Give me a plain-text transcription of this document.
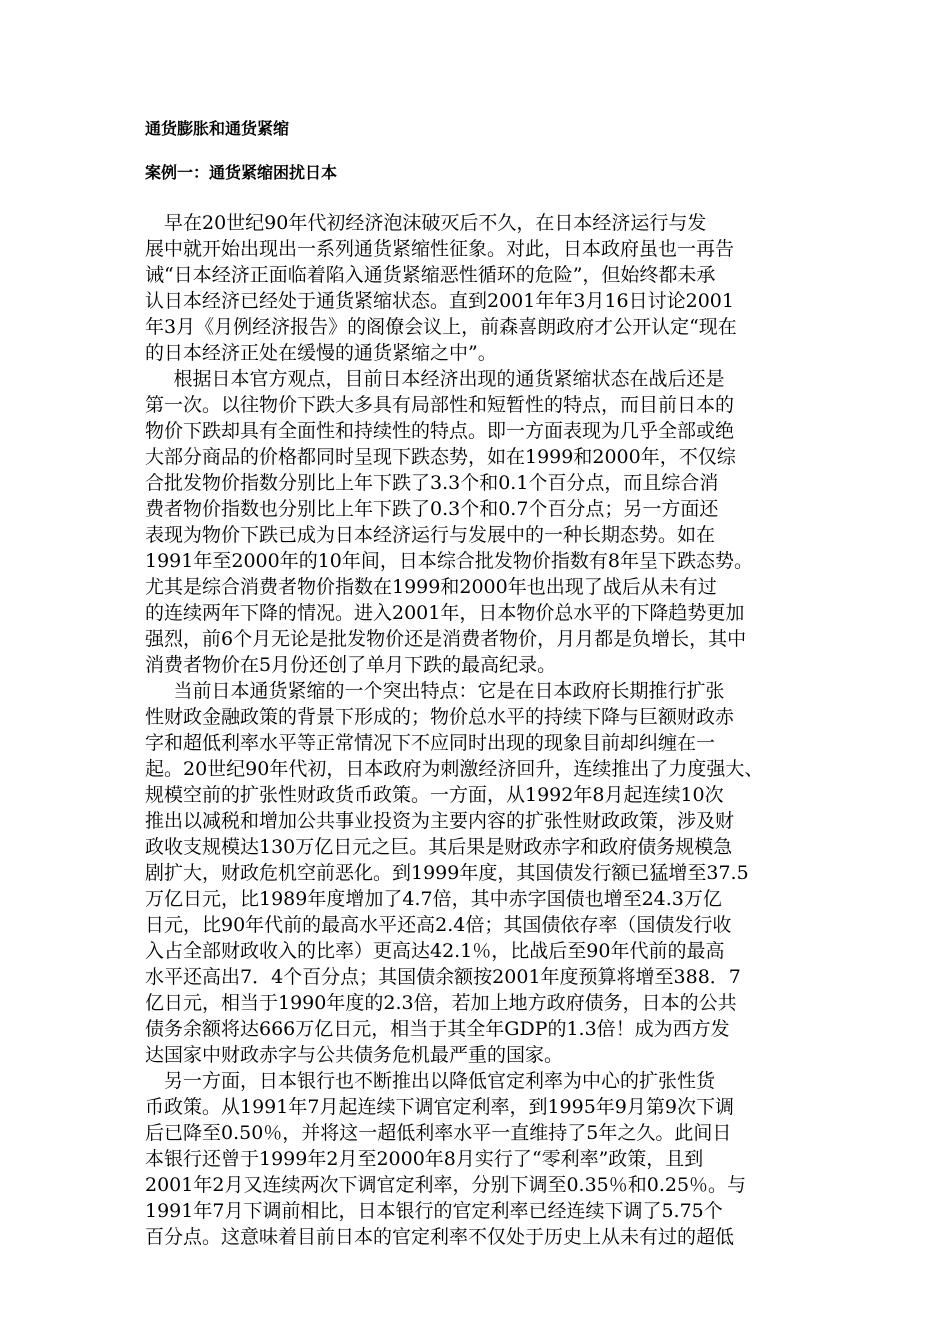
通货膨胀和通货紧缩
案例一：通货紧缩困扰日本
　早在20世纪90年代初经济泡沫破灭后不久，在日本经济运行与发
展中就开始出现出一系列通货紧缩性征象。对此，日本政府虽也一再告
诫“日本经济正面临着陷入通货紧缩恶性循环的危险”，但始终都未承
认日本经济已经处于通货紧缩状态。直到2001年年3月16日讨论2001
年3月《月例经济报告》的阁僚会议上，前森喜朗政府才公开认定“现在
的日本经济正处在缓慢的通货紧缩之中”。
　 根据日本官方观点，目前日本经济出现的通货紧缩状态在战后还是
第一次。以往物价下跌大多具有局部性和短暂性的特点，而目前日本的
物价下跌却具有全面性和持续性的特点。即一方面表现为几乎全部或绝
大部分商品的价格都同时呈现下跌态势，如在1999和2000年，不仅综
合批发物价指数分别比上年下跌了3.3个和0.1个百分点，而且综合消
费者物价指数也分别比上年下跌了0.3个和0.7个百分点；另一方面还
表现为物价下跌已成为日本经济运行与发展中的一种长期态势。如在
1991年至2000年的10年间，日本综合批发物价指数有8年呈下跌态势。
尤其是综合消费者物价指数在1999和2000年也出现了战后从未有过
的连续两年下降的情况。进入2001年，日本物价总水平的下降趋势更加
强烈，前6个月无论是批发物价还是消费者物价，月月都是负增长，其中
消费者物价在5月份还创了单月下跌的最高纪录。
　 当前日本通货紧缩的一个突出特点：它是在日本政府长期推行扩张
性财政金融政策的背景下形成的；物价总水平的持续下降与巨额财政赤
字和超低利率水平等正常情况下不应同时出现的现象目前却纠缠在一
起。20世纪90年代初，日本政府为刺激经济回升，连续推出了力度强大、
规模空前的扩张性财政货币政策。一方面，从1992年8月起连续10次
推出以减税和增加公共事业投资为主要内容的扩张性财政政策，涉及财
政收支规模达130万亿日元之巨。其后果是财政赤字和政府债务规模急
剧扩大，财政危机空前恶化。到1999年度，其国债发行额已猛增至37.5
万亿日元，比1989年度增加了4.7倍，其中赤字国债也增至24.3万亿
日元，比90年代前的最高水平还高2.4倍；其国债依存率（国债发行收
入占全部财政收入的比率）更高达42.1％，比战后至90年代前的最高
水平还高出7．4个百分点；其国债余额按2001年度预算将增至388．7
亿日元，相当于1990年度的2.3倍，若加上地方政府债务，日本的公共
债务余额将达666万亿日元，相当于其全年GDP的1.3倍！成为西方发
达国家中财政赤字与公共债务危机最严重的国家。
　另一方面，日本银行也不断推出以降低官定利率为中心的扩张性货
币政策。从1991年7月起连续下调官定利率，到1995年9月第9次下调
后已降至0.50％，并将这一超低利率水平一直维持了5年之久。此间日
本银行还曾于1999年2月至2000年8月实行了“零利率”政策，且到
2001年2月又连续两次下调官定利率，分别下调至0.35％和0.25％。与
1991年7月下调前相比，日本银行的官定利率已经连续下调了5.75个
百分点。这意味着目前日本的官定利率不仅处于历史上从未有过的超低
